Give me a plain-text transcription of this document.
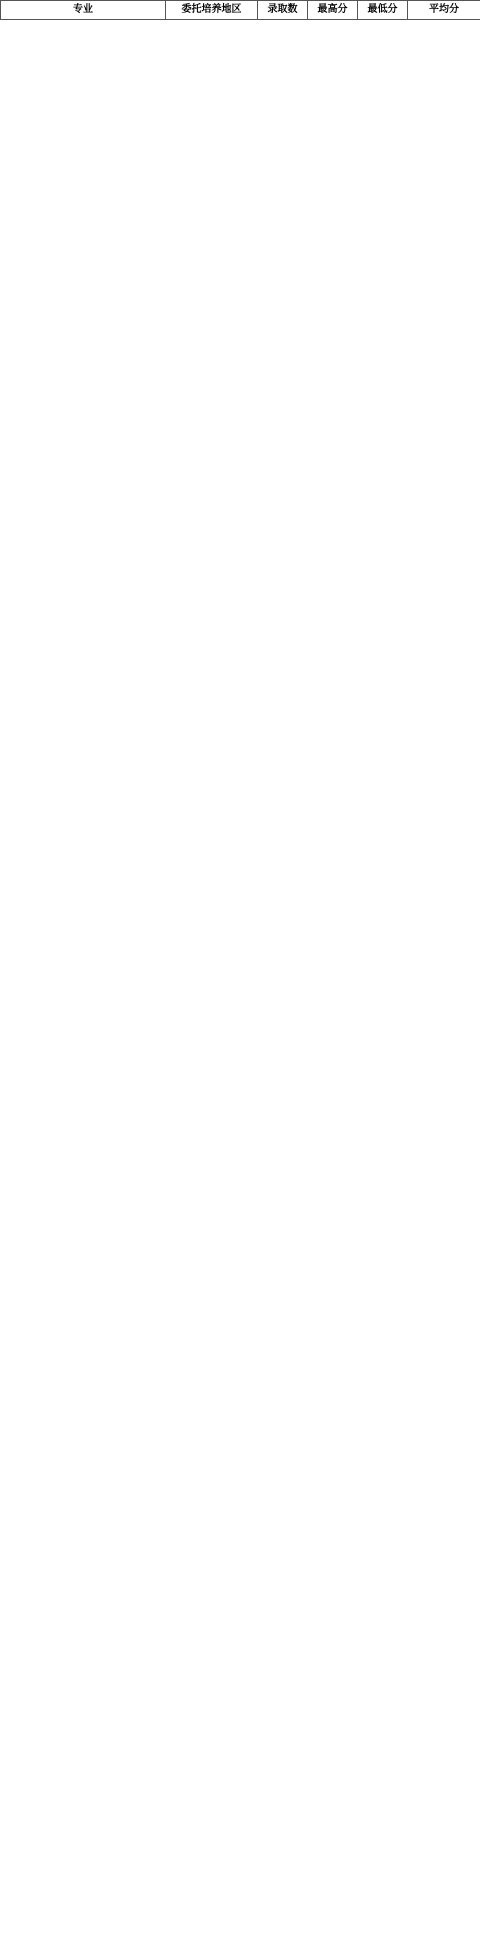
专业	委托培养地区	录取数	最高分	最低分	平均分
